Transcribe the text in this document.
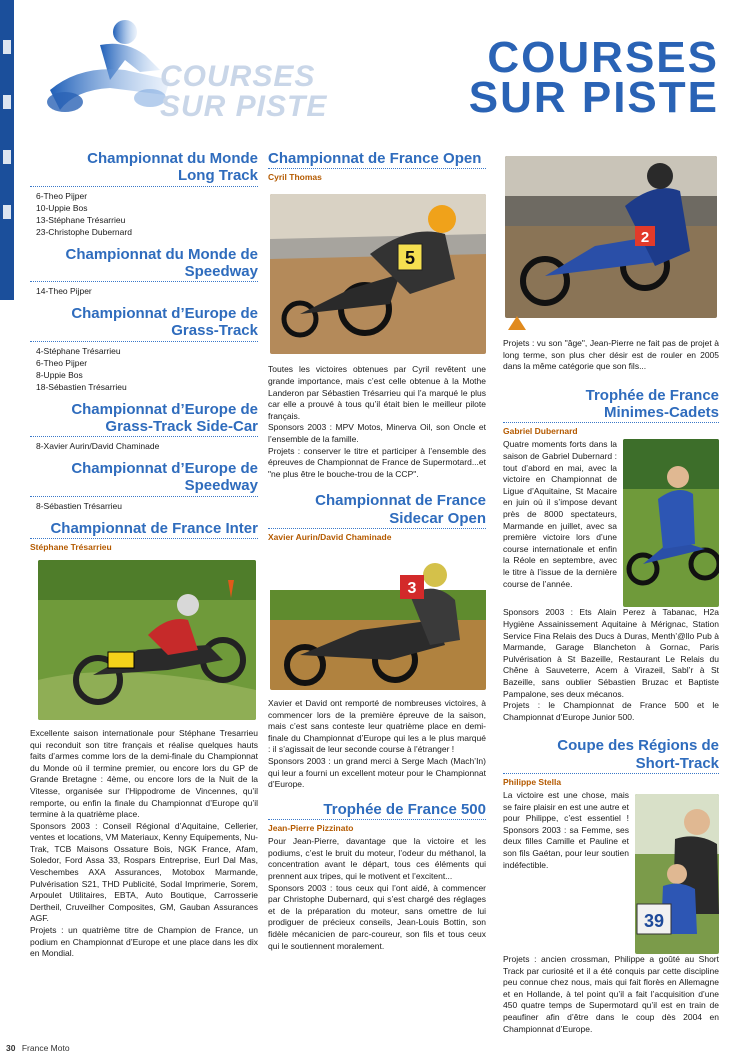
COURSES
SUR PISTE
COURSES
SUR PISTE
Championnat du Monde
Long Track
6-Theo Pijper
10-Uppie Bos
13-Stéphane Trésarrieu
23-Christophe Dubernard
Championnat du Monde de
Speedway
14-Theo Pijper
Championnat d’Europe de
Grass-Track
4-Stéphane Trésarrieu
6-Theo Pijper
8-Uppie Bos
18-Sébastien Trésarrieu
Championnat d’Europe de
Grass-Track Side-Car
8-Xavier Aurin/David Chaminade
Championnat d’Europe de
Speedway
8-Sébastien Trésarrieu
Championnat de France Inter
Stéphane Trésarrieu

Excellente saison internationale pour Stéphane Tresarrieu qui reconduit son titre français et réalise quelques hauts faits d’armes comme lors de la demi-finale du Championnat du Monde où il termine premier, ou encore lors du GP de Grande Bretagne : 4ème, ou encore lors de la Nuit de la Vitesse, organisée sur l’Hippodrome de Vincennes, qu’il remporte, ou enfin la finale du Championnat d’Europe qu’il termine à la quatrième place.

Sponsors 2003 : Conseil Régional d’Aquitaine, Cellerier, ventes et locations, VM Materiaux, Kenny Equipements, Nu-Trak, TCB Maisons Ossature Bois, NGK France, Afam, Soledor, Ford Assa 33, Rospars Entreprise, Eurl Dal Mas, Veschembes AXA Assurances, Motobox Marmande, Pulvérisation S21, THD Publicité, Sodal Imprimerie, Sorem, Arpoulet Utilitaires, EBTA, Auto Boutique, Carrosserie Dertheil, Cruveilher Composites, GM, Gauban Assurances AGF.

Projets : un quatrième titre de Champion de France, un podium en Championnat d’Europe et une place dans les dix en Mondial.

Championnat de France Open
Cyril Thomas
5

Toutes les victoires obtenues par Cyril revêtent une grande importance, mais c’est celle obtenue à la Mothe Landeron par Sébastien Trésarrieu qui l’a marqué le plus car elle a prouvé à tous qu’il était bien le meilleur pilote français.

Sponsors 2003 : MPV Motos, Minerva Oil, son Oncle et l’ensemble de la famille.

Projets : conserver le titre et participer à l’ensemble des épreuves de Championnat de France de Supermotard...et "ne plus être le bouche-trou de la CCP".

Championnat de France
Sidecar Open
Xavier Aurin/David Chaminade
3

Xavier et David ont remporté de nombreuses victoires, à commencer lors de la première épreuve de la saison, mais c’est sans conteste leur quatrième place en demi-finale du Championnat d’Europe qui les a le plus marqué : il s’agissait de leur seconde course à l’étranger !

Sponsors 2003 : un grand merci à Serge Mach (Mach’In) qui leur a fourni un excellent moteur pour le Championnat d’Europe.

Trophée de France 500
Jean-Pierre Pizzinato

Pour Jean-Pierre, davantage que la victoire et les podiums, c’est le bruit du moteur, l’odeur du méthanol, la concentration avant le départ, tous ces éléments qui prennent aux tripes, qui le motivent et l’excitent...

Sponsors 2003 : tous ceux qui l’ont aidé, à commencer par Christophe Dubernard, qui s’est chargé des réglages et de la préparation du moteur, sans omettre de lui prodiguer de précieux conseils, Jean-Louis Bottin, son fidèle mécanicien de parc-coureur, son fils et tous ceux qui le soutiennent moralement.

2

Projets : vu son "âge", Jean-Pierre ne fait pas de projet à long terme, son plus cher désir est de rouler en 2005 dans la même catégorie que son fils...

Trophée de France
Minimes-Cadets
Gabriel Dubernard

Quatre moments forts dans la saison de Gabriel Dubernard : tout d’abord en mai, avec la victoire en Championnat de Ligue d’Aquitaine, St Macaire en juin où il s’impose devant près de 8000 spectateurs, Marmande en juillet, avec sa première victoire lors d’une course internationale et enfin la Réole en septembre, avec le titre à l’issue de la dernière course de l’année.

Sponsors 2003 : Ets Alain Perez à Tabanac, H2a Hygiène Assainissement Aquitaine à Mérignac, Station Service Fina Relais des Ducs à Duras, Menth’@llo Pub à Marmande, Garage Blancheton à Gornac, Paris Pulvérisation à St Bazeille, Restaurant Le Relais du Chêne à Sauveterre, Acem à Virazeil, Sabl’r à St Bazeille, sans oublier Sébastien Bruzac et Baptiste Pampalone, ses deux mécanos.

Projets : le Championnat de France 500 et le Championnat d’Europe Junior 500.

Coupe des Régions de
Short-Track
Philippe Stella

La victoire est une chose, mais se faire plaisir en est une autre et pour Philippe, c’est essentiel ! Sponsors 2003 : sa Femme, ses deux filles Camille et Pauline et son fils Gaétan, pour leur soutien indéfectible.

39

Projets : ancien crossman, Philippe a goûté au Short Track par curiosité et il a été conquis par cette discipline peu connue chez nous, mais qui fait florès en Allemagne et en Hollande, à tel point qu’il a fait l’acquisition d’une 450 quatre temps de Supermotard qu’il est en train de peaufiner afin d’être dans le coup dès 2004 en Championnat d’Europe.

30 France Moto
